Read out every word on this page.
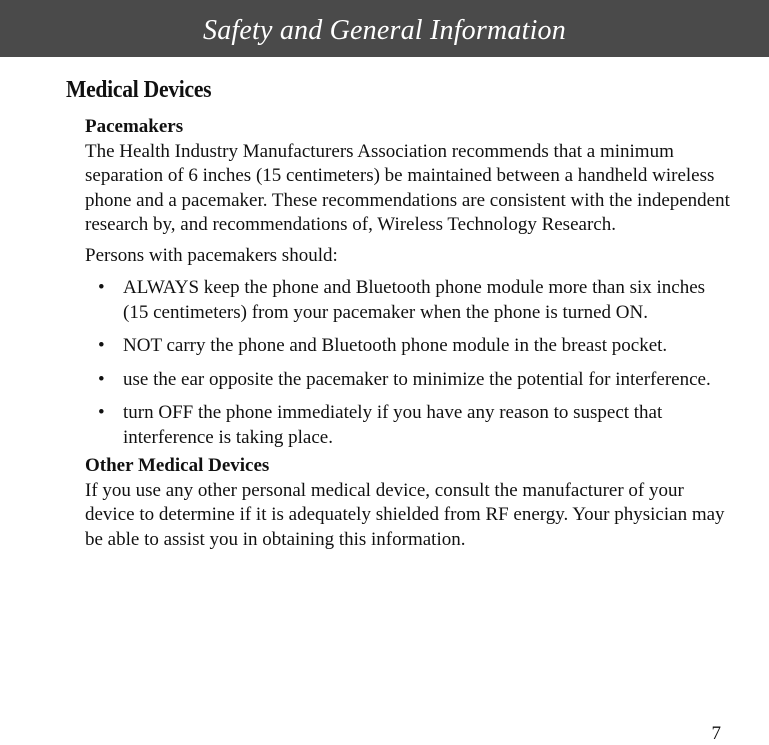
Safety and General Information
Medical Devices
Pacemakers

The Health Industry Manufacturers Association recommends that a minimum separation of 6 inches (15 centimeters) be maintained between a handheld wireless phone and a pacemaker. These recommendations are consistent with the independent research by, and recommendations of, Wireless Technology Research.

Persons with pacemakers should:

• ALWAYS keep the phone and Bluetooth phone module more than six inches (15 centimeters) from your pacemaker when the phone is turned ON.
• NOT carry the phone and Bluetooth phone module in the breast pocket.
• use the ear opposite the pacemaker to minimize the potential for interference.
• turn OFF the phone immediately if you have any reason to suspect that interference is taking place.
Other Medical Devices

If you use any other personal medical device, consult the manufacturer of your device to determine if it is adequately shielded from RF energy. Your physician may be able to assist you in obtaining this information.

7
